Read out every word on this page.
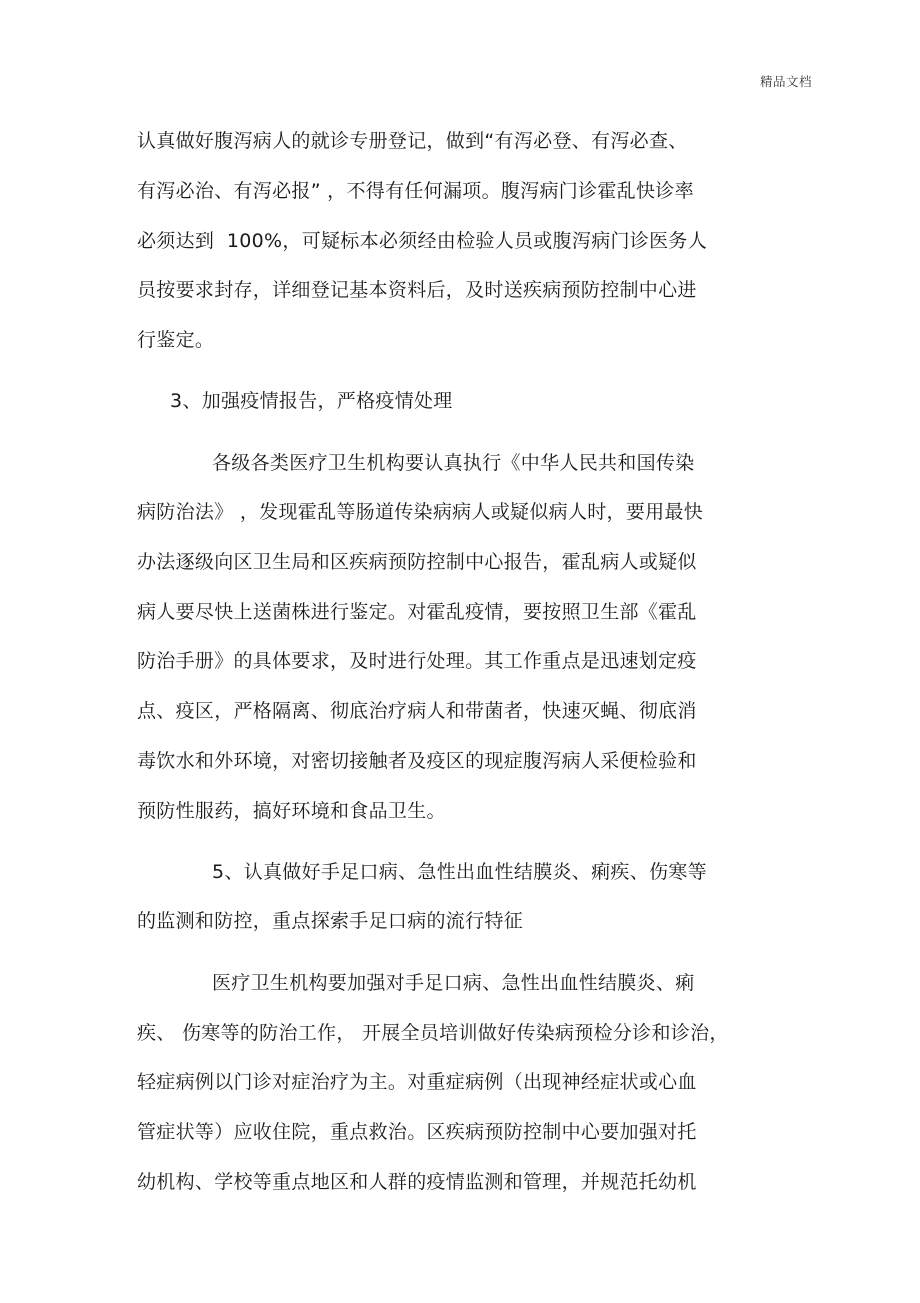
精品文档
认真做好腹泻病人的就诊专册登记，做到“有泻必登、有泻必查、
有泻必治、有泻必报” ，不得有任何漏项。腹泻病门诊霍乱快诊率
必须达到  100%，可疑标本必须经由检验人员或腹泻病门诊医务人
员按要求封存，详细登记基本资料后，及时送疾病预防控制中心进
行鉴定。
3、加强疫情报告，严格疫情处理
各级各类医疗卫生机构要认真执行《中华人民共和国传染
病防治法》 ，发现霍乱等肠道传染病病人或疑似病人时，要用最快
办法逐级向区卫生局和区疾病预防控制中心报告，霍乱病人或疑似
病人要尽快上送菌株进行鉴定。对霍乱疫情，要按照卫生部《霍乱
防治手册》的具体要求，及时进行处理。其工作重点是迅速划定疫
点、疫区，严格隔离、彻底治疗病人和带菌者，快速灭蝇、彻底消
毒饮水和外环境，对密切接触者及疫区的现症腹泻病人采便检验和
预防性服药，搞好环境和食品卫生。
5、认真做好手足口病、急性出血性结膜炎、痢疾、伤寒等
的监测和防控，重点探索手足口病的流行特征
医疗卫生机构要加强对手足口病、急性出血性结膜炎、痢
疾、 伤寒等的防治工作， 开展全员培训做好传染病预检分诊和诊治，
轻症病例以门诊对症治疗为主。对重症病例（出现神经症状或心血
管症状等）应收住院，重点救治。区疾病预防控制中心要加强对托
幼机构、学校等重点地区和人群的疫情监测和管理，并规范托幼机
